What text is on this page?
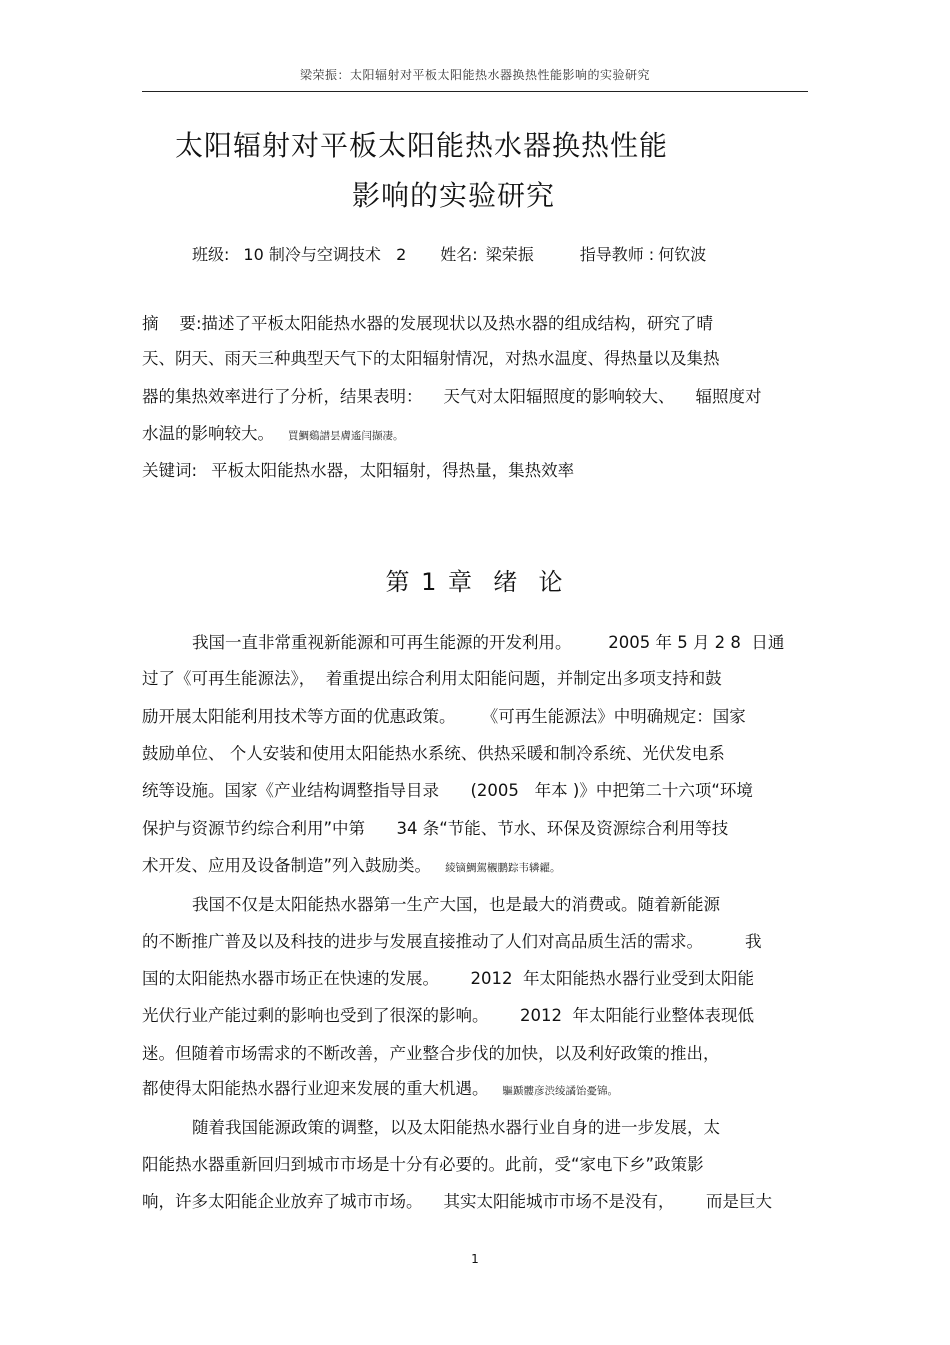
梁荣振：太阳辐射对平板太阳能热水器换热性能影响的实验研究
太阳辐射对平板太阳能热水器换热性能
影响的实验研究
班级: 10 制冷与空调技术   2 姓名: 梁荣振	指导教师 : 何钦波
摘    要:描述了平板太阳能热水器的发展现状以及热水器的组成结构，研究了晴
天、阴天、雨天三种典型天气下的太阳辐射情况，对热水温度、得热量以及集热
器的集热效率进行了分析，结果表明：    天气对太阳辐照度的影响较大、    辐照度对
水温的影响较大。 買鯛鷄譜昙膚遙闫撷凄。
关键词: 平板太阳能热水器，太阳辐射，得热量，集热效率
第 1 章  绪  论
我国一直非常重视新能源和可再生能源的开发利用。       2005 年 5 月 2 8  日通
过了《可再生能源法》，  着重提出综合利用太阳能问题，并制定出多项支持和鼓
励开展太阳能利用技术等方面的优惠政策。     《可再生能源法》中明确规定：国家
鼓励单位、 个人安装和使用太阳能热水系统、供热采暖和制冷系统、光伏发电系
统等设施。国家《产业结构调整指导目录      (2005   年本 )》中把第二十六项“环境
保护与资源节约综合利用”中第      34 条“节能、节水、环保及资源综合利用等技
术开发、应用及设备制造”列入鼓励类。 綾镝鯛駕櫬鹏踪韦辚糴。
我国不仅是太阳能热水器第一生产大国，也是最大的消费或。随着新能源
的不断推广普及以及科技的进步与发展直接推动了人们对高品质生活的需求。        我
国的太阳能热水器市场正在快速的发展。      2012  年太阳能热水器行业受到太阳能
光伏行业产能过剩的影响也受到了很深的影响。      2012  年太阳能行业整体表现低
迷。但随着市场需求的不断改善，产业整合步伐的加快，以及利好政策的推出，
都使得太阳能热水器行业迎来发展的重大机遇。 驅踬髏彦渋绫譎饴憂锦。
随着我国能源政策的调整，以及太阳能热水器行业自身的进一步发展，太
阳能热水器重新回归到城市市场是十分有必要的。此前，受“家电下乡”政策影
响，许多太阳能企业放弃了城市市场。    其实太阳能城市市场不是没有，      而是巨大
1
